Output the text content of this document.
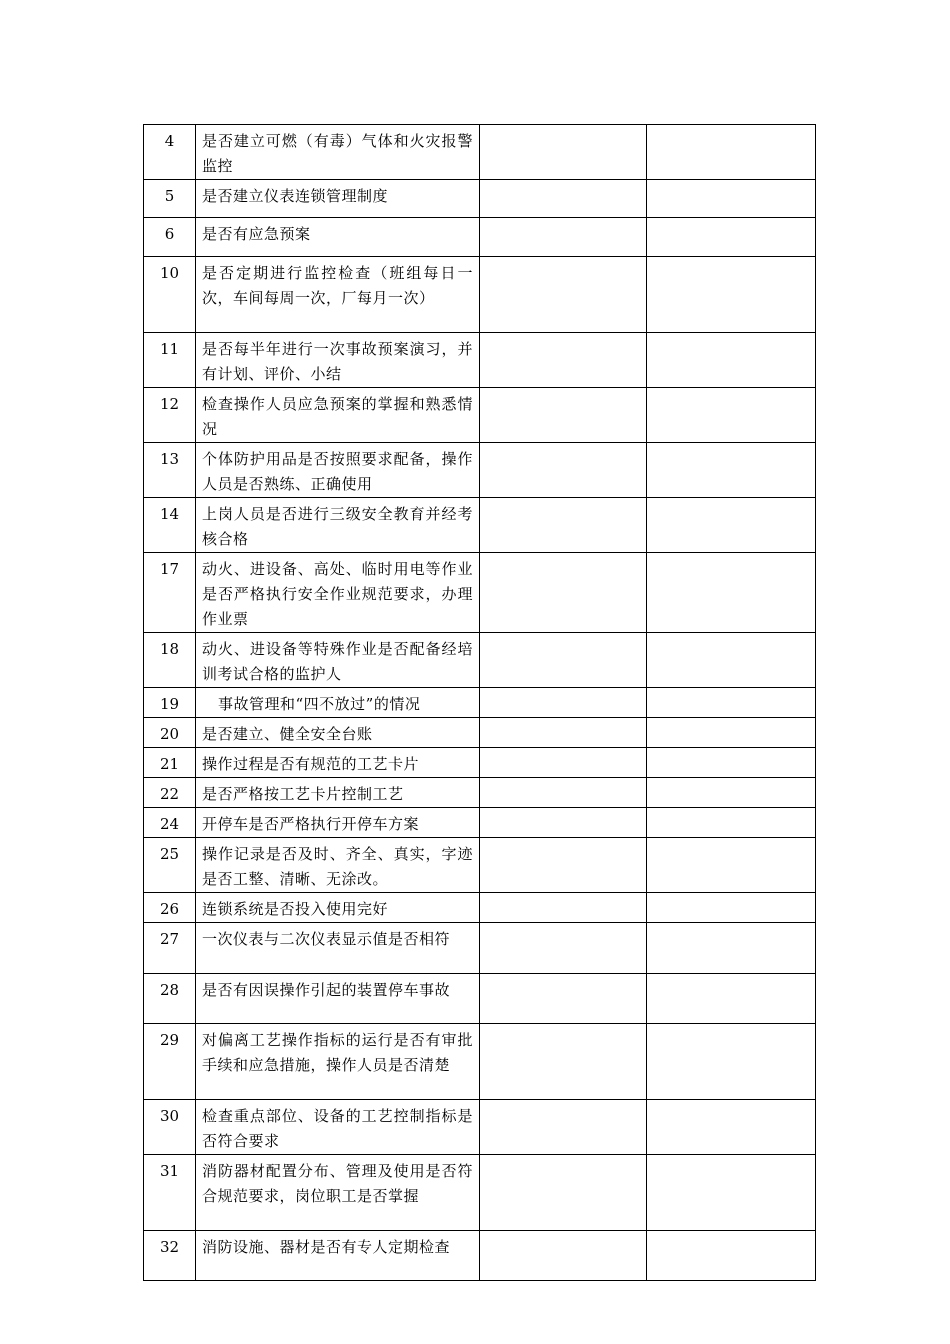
4	是否建立可燃（有毒）气体和火灾报警监控		
5	是否建立仪表连锁管理制度		
6	是否有应急预案		
10	是否定期进行监控检查（班组每日一次，车间每周一次，厂每月一次）		
11	是否每半年进行一次事故预案演习，并有计划、评价、小结		
12	检查操作人员应急预案的掌握和熟悉情况		
13	个体防护用品是否按照要求配备，操作人员是否熟练、正确使用		
14	上岗人员是否进行三级安全教育并经考核合格		
17	动火、进设备、高处、临时用电等作业是否严格执行安全作业规范要求，办理作业票		
18	动火、进设备等特殊作业是否配备经培训考试合格的监护人		
19	事故管理和“四不放过”的情况		
20	是否建立、健全安全台账		
21	操作过程是否有规范的工艺卡片		
22	是否严格按工艺卡片控制工艺		
24	开停车是否严格执行开停车方案		
25	操作记录是否及时、齐全、真实，字迹是否工整、清晰、无涂改。		
26	连锁系统是否投入使用完好		
27	一次仪表与二次仪表显示值是否相符		
28	是否有因误操作引起的装置停车事故		
29	对偏离工艺操作指标的运行是否有审批手续和应急措施，操作人员是否清楚		
30	检查重点部位、设备的工艺控制指标是否符合要求		
31	消防器材配置分布、管理及使用是否符合规范要求，岗位职工是否掌握		
32	消防设施、器材是否有专人定期检查		
